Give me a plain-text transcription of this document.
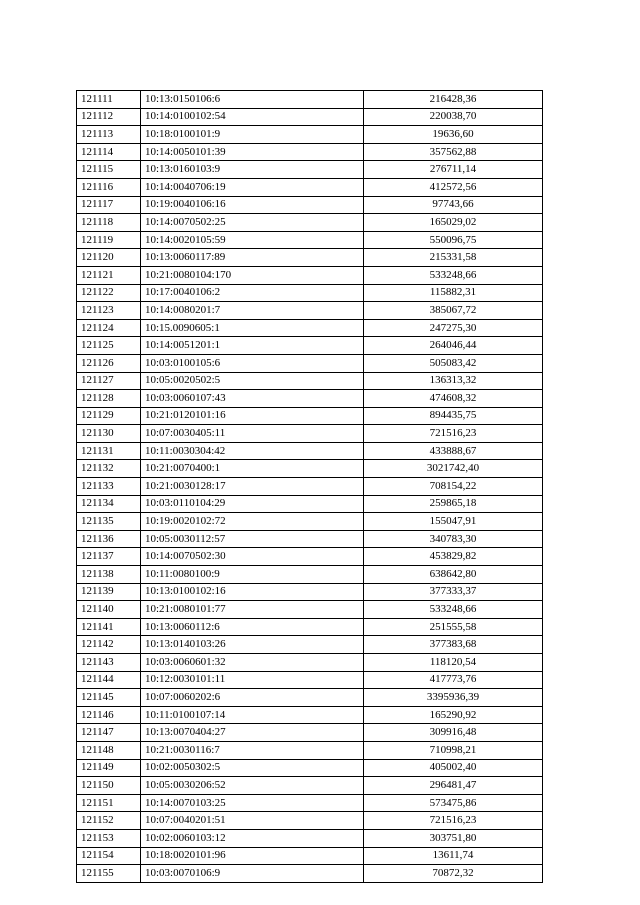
121111	10:13:0150106:6	216428,36
121112	10:14:0100102:54	220038,70
121113	10:18:0100101:9	19636,60
121114	10:14:0050101:39	357562,88
121115	10:13:0160103:9	276711,14
121116	10:14:0040706:19	412572,56
121117	10:19:0040106:16	97743,66
121118	10:14:0070502:25	165029,02
121119	10:14:0020105:59	550096,75
121120	10:13:0060117:89	215331,58
121121	10:21:0080104:170	533248,66
121122	10:17:0040106:2	115882,31
121123	10:14:0080201:7	385067,72
121124	10:15.0090605:1	247275,30
121125	10:14:0051201:1	264046,44
121126	10:03:0100105:6	505083,42
121127	10:05:0020502:5	136313,32
121128	10:03:0060107:43	474608,32
121129	10:21:0120101:16	894435,75
121130	10:07:0030405:11	721516,23
121131	10:11:0030304:42	433888,67
121132	10:21:0070400:1	3021742,40
121133	10:21:0030128:17	708154,22
121134	10:03:0110104:29	259865,18
121135	10:19:0020102:72	155047,91
121136	10:05:0030112:57	340783,30
121137	10:14:0070502:30	453829,82
121138	10:11:0080100:9	638642,80
121139	10:13:0100102:16	377333,37
121140	10:21:0080101:77	533248,66
121141	10:13:0060112:6	251555,58
121142	10:13:0140103:26	377383,68
121143	10:03:0060601:32	118120,54
121144	10:12:0030101:11	417773,76
121145	10:07:0060202:6	3395936,39
121146	10:11:0100107:14	165290,92
121147	10:13:0070404:27	309916,48
121148	10:21:0030116:7	710998,21
121149	10:02:0050302:5	405002,40
121150	10:05:0030206:52	296481,47
121151	10:14:0070103:25	573475,86
121152	10:07:0040201:51	721516,23
121153	10:02:0060103:12	303751,80
121154	10:18:0020101:96	13611,74
121155	10:03:0070106:9	70872,32
